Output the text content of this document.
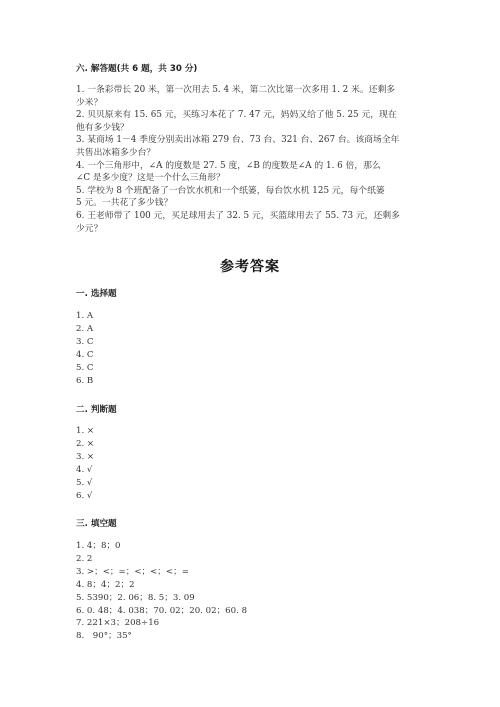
六. 解答题(共 6 题，共 30 分)
1. 一条彩带长 20 米，第一次用去 5. 4 米，第二次比第一次多用 1. 2 米。还剩多
少米？
2. 贝贝原来有 15. 65 元，买练习本花了 7. 47 元，妈妈又给了他 5. 25 元，现在
他有多少钱？
3. 某商场 1－4 季度分别卖出冰箱 279 台、73 台、321 台、267 台。该商场全年
共售出冰箱多少台？
4. 一个三角形中，∠A 的度数是 27. 5 度，∠B 的度数是∠A 的 1. 6 倍，那么
∠C 是多少度？这是一个什么三角形？
5. 学校为 8 个班配备了一台饮水机和一个纸篓，每台饮水机 125 元，每个纸篓
5 元。一共花了多少钱？
6. 王老师带了 100 元，买足球用去了 32. 5 元，买篮球用去了 55. 73 元，还剩多
少元？
参考答案
一. 选择题
1. A
2. A
3. C
4. C
5. C
6. B
二. 判断题
1. ×
2. ×
3. ×
4. √
5. √
6. √
三. 填空题
1. 4；8；0
2. 2
3. >；<；=；<；<；<；=
4. 8；4；2；2
5. 5390；2. 06；8. 5；3. 09
6. 0. 48；4. 038；70. 02；20. 02；60. 8
7. 221×3；208÷16
8.　90°；35°
